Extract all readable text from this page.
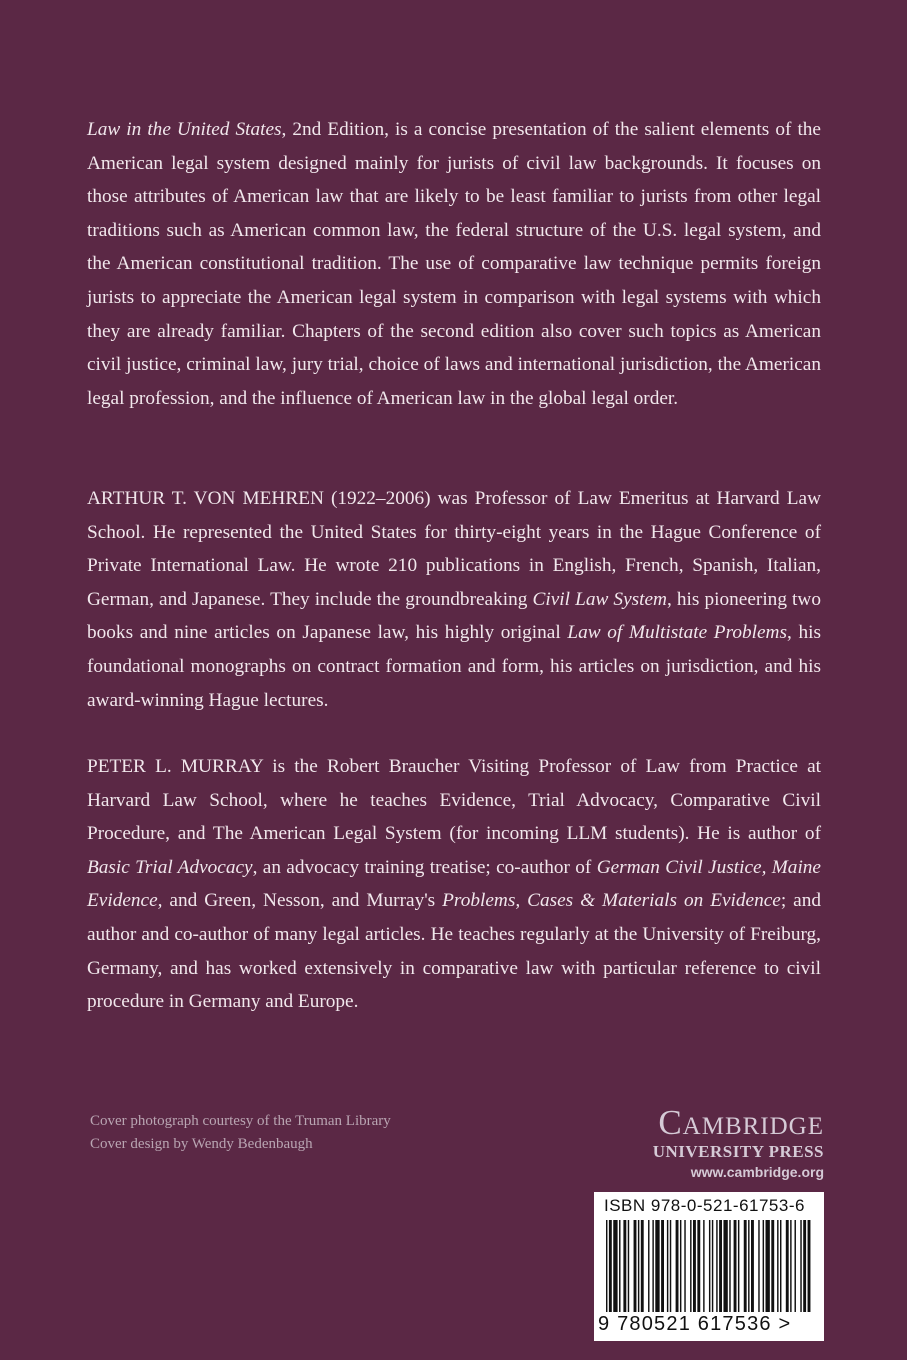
Law in the United States, 2nd Edition, is a concise presentation of the salient elements of the American legal system designed mainly for jurists of civil law backgrounds. It focuses on those attributes of American law that are likely to be least familiar to jurists from other legal traditions such as American common law, the federal structure of the U.S. legal system, and the American constitutional tradition. The use of comparative law technique permits foreign jurists to appreciate the American legal system in comparison with legal systems with which they are already familiar. Chapters of the second edition also cover such topics as American civil justice, criminal law, jury trial, choice of laws and international jurisdiction, the American legal profession, and the influence of American law in the global legal order.

ARTHUR T. VON MEHREN (1922–2006) was Professor of Law Emeritus at Harvard Law School. He represented the United States for thirty-eight years in the Hague Conference of Private International Law. He wrote 210 publications in English, French, Spanish, Italian, German, and Japanese. They include the groundbreaking Civil Law System, his pioneering two books and nine articles on Japanese law, his highly original Law of Multistate Problems, his foundational monographs on contract formation and form, his articles on jurisdiction, and his award-winning Hague lectures.

PETER L. MURRAY is the Robert Braucher Visiting Professor of Law from Practice at Harvard Law School, where he teaches Evidence, Trial Advocacy, Comparative Civil Procedure, and The American Legal System (for incoming LLM students). He is author of Basic Trial Advocacy, an advocacy training treatise; co-author of German Civil Justice, Maine Evidence, and Green, Nesson, and Murray's Problems, Cases & Materials on Evidence; and author and co-author of many legal articles. He teaches regularly at the University of Freiburg, Germany, and has worked extensively in comparative law with particular reference to civil procedure in Germany and Europe.

Cover photograph courtesy of the Truman Library
Cover design by Wendy Bedenbaugh
Cambridge
UNIVERSITY PRESS
www.cambridge.org
ISBN 978-0-521-61753-6
9 780521 617536 >
